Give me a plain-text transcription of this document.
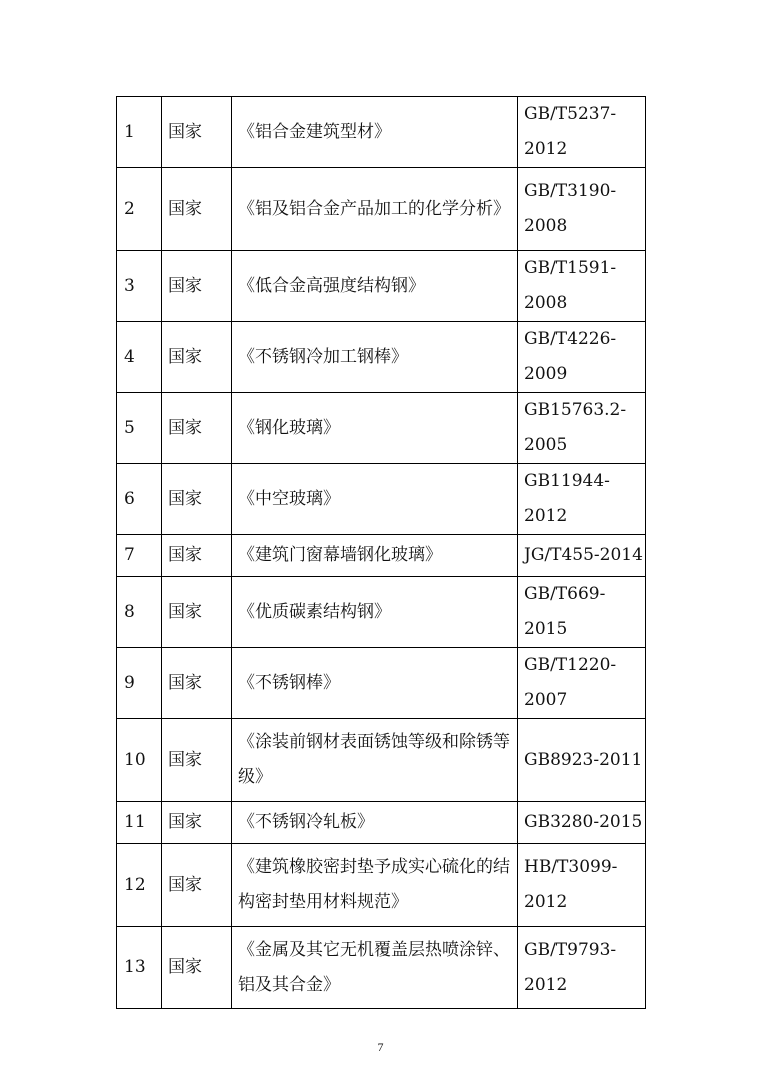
1	国家	《铝合金建筑型材》	GB/T5237-2012
2	国家	《铝及铝合金产品加工的化学分析》	GB/T3190-2008
3	国家	《低合金高强度结构钢》	GB/T1591-2008
4	国家	《不锈钢冷加工钢棒》	GB/T4226-2009
5	国家	《钢化玻璃》	GB15763.2-2005
6	国家	《中空玻璃》	GB11944-2012
7	国家	《建筑门窗幕墙钢化玻璃》	JG/T455-2014
8	国家	《优质碳素结构钢》	GB/T669-2015
9	国家	《不锈钢棒》	GB/T1220-2007
10	国家	《涂装前钢材表面锈蚀等级和除锈等级》	GB8923-2011
11	国家	《不锈钢冷轧板》	GB3280-2015
12	国家	《建筑橡胶密封垫予成实心硫化的结构密封垫用材料规范》	HB/T3099-2012
13	国家	《金属及其它无机覆盖层热喷涂锌、铝及其合金》	GB/T9793-2012
7
